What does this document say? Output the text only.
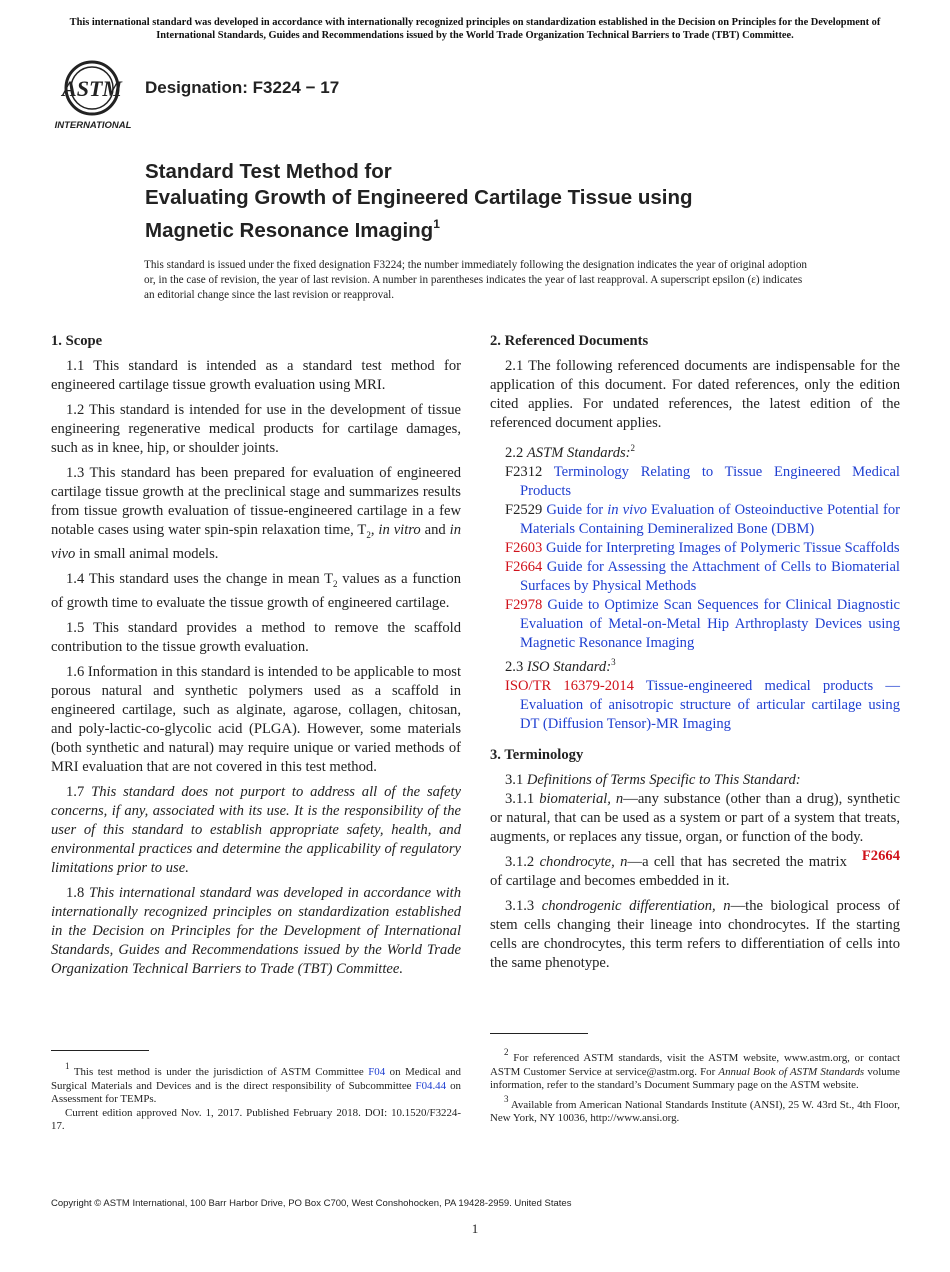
This international standard was developed in accordance with internationally recognized principles on standardization established in the Decision on Principles for the Development of International Standards, Guides and Recommendations issued by the World Trade Organization Technical Barriers to Trade (TBT) Committee.
ASTM
INTERNATIONAL
Designation: F3224 − 17
Standard Test Method for
Evaluating Growth of Engineered Cartilage Tissue using
Magnetic Resonance Imaging$^1$
This standard is issued under the fixed designation F3224; the number immediately following the designation indicates the year of original adoption or, in the case of revision, the year of last revision. A number in parentheses indicates the year of last reapproval. A superscript epsilon (ε) indicates an editorial change since the last revision or reapproval.
1. Scope

1.1 This standard is intended as a standard test method for engineered cartilage tissue growth evaluation using MRI.

1.2 This standard is intended for use in the development of tissue engineering regenerative medical products for cartilage damages, such as in knee, hip, or shoulder joints.

1.3 This standard has been prepared for evaluation of engineered cartilage tissue growth at the preclinical stage and summarizes results from tissue growth evaluation of tissue-engineered cartilage in a few notable cases using water spin-spin relaxation time, $T_2$, in vitro and in vivo in small animal models.

1.4 This standard uses the change in mean $T_2$ values as a function of growth time to evaluate the tissue growth of engineered cartilage.

1.5 This standard provides a method to remove the scaffold contribution to the tissue growth evaluation.

1.6 Information in this standard is intended to be applicable to most porous natural and synthetic polymers used as a scaffold in engineered cartilage, such as alginate, agarose, collagen, chitosan, and poly-lactic-co-glycolic acid (PLGA). However, some materials (both synthetic and natural) may require unique or varied methods of MRI evaluation that are not covered in this test method.

1.7 This standard does not purport to address all of the safety concerns, if any, associated with its use. It is the responsibility of the user of this standard to establish appropriate safety, health, and environmental practices and determine the applicability of regulatory limitations prior to use.

1.8 This international standard was developed in accordance with internationally recognized principles on standardization established in the Decision on Principles for the Development of International Standards, Guides and Recommendations issued by the World Trade Organization Technical Barriers to Trade (TBT) Committee.

$^1$ This test method is under the jurisdiction of ASTM Committee F04 on Medical and Surgical Materials and Devices and is the direct responsibility of Subcommittee F04.44 on Assessment for TEMPs.

Current edition approved Nov. 1, 2017. Published February 2018. DOI: 10.1520/F3224-17.

2. Referenced Documents

2.1 The following referenced documents are indispensable for the application of this document. For dated references, only the edition cited applies. For undated references, the latest edition of the referenced document applies.

2.2 ASTM Standards:$^2$
F2312 Terminology Relating to Tissue Engineered Medical Products
F2529 Guide for in vivo Evaluation of Osteoinductive Potential for Materials Containing Demineralized Bone (DBM)
F2603 Guide for Interpreting Images of Polymeric Tissue Scaffolds
F2664 Guide for Assessing the Attachment of Cells to Biomaterial Surfaces by Physical Methods
F2978 Guide to Optimize Scan Sequences for Clinical Diagnostic Evaluation of Metal-on-Metal Hip Arthroplasty Devices using Magnetic Resonance Imaging
2.3 ISO Standard:$^3$
ISO/TR 16379-2014 Tissue-engineered medical products — Evaluation of anisotropic structure of articular cartilage using DT (Diffusion Tensor)-MR Imaging
3. Terminology
3.1 Definitions of Terms Specific to This Standard:

3.1.1 biomaterial, n—any substance (other than a drug), synthetic or natural, that can be used as a system or part of a system that treats, augments, or replaces any tissue, organ, or function of the body.
F2664

3.1.2 chondrocyte, n—a cell that has secreted the matrix of cartilage and becomes embedded in it.

3.1.3 chondrogenic differentiation, n—the biological process of stem cells changing their lineage into chondrocytes. If the starting cells are chondrocytes, this term refers to differentiation of cells into the same phenotype.

$^2$ For referenced ASTM standards, visit the ASTM website, www.astm.org, or contact ASTM Customer Service at service@astm.org. For Annual Book of ASTM Standards volume information, refer to the standard’s Document Summary page on the ASTM website.

$^3$ Available from American National Standards Institute (ANSI), 25 W. 43rd St., 4th Floor, New York, NY 10036, http://www.ansi.org.

Copyright © ASTM International, 100 Barr Harbor Drive, PO Box C700, West Conshohocken, PA 19428-2959. United States
1
